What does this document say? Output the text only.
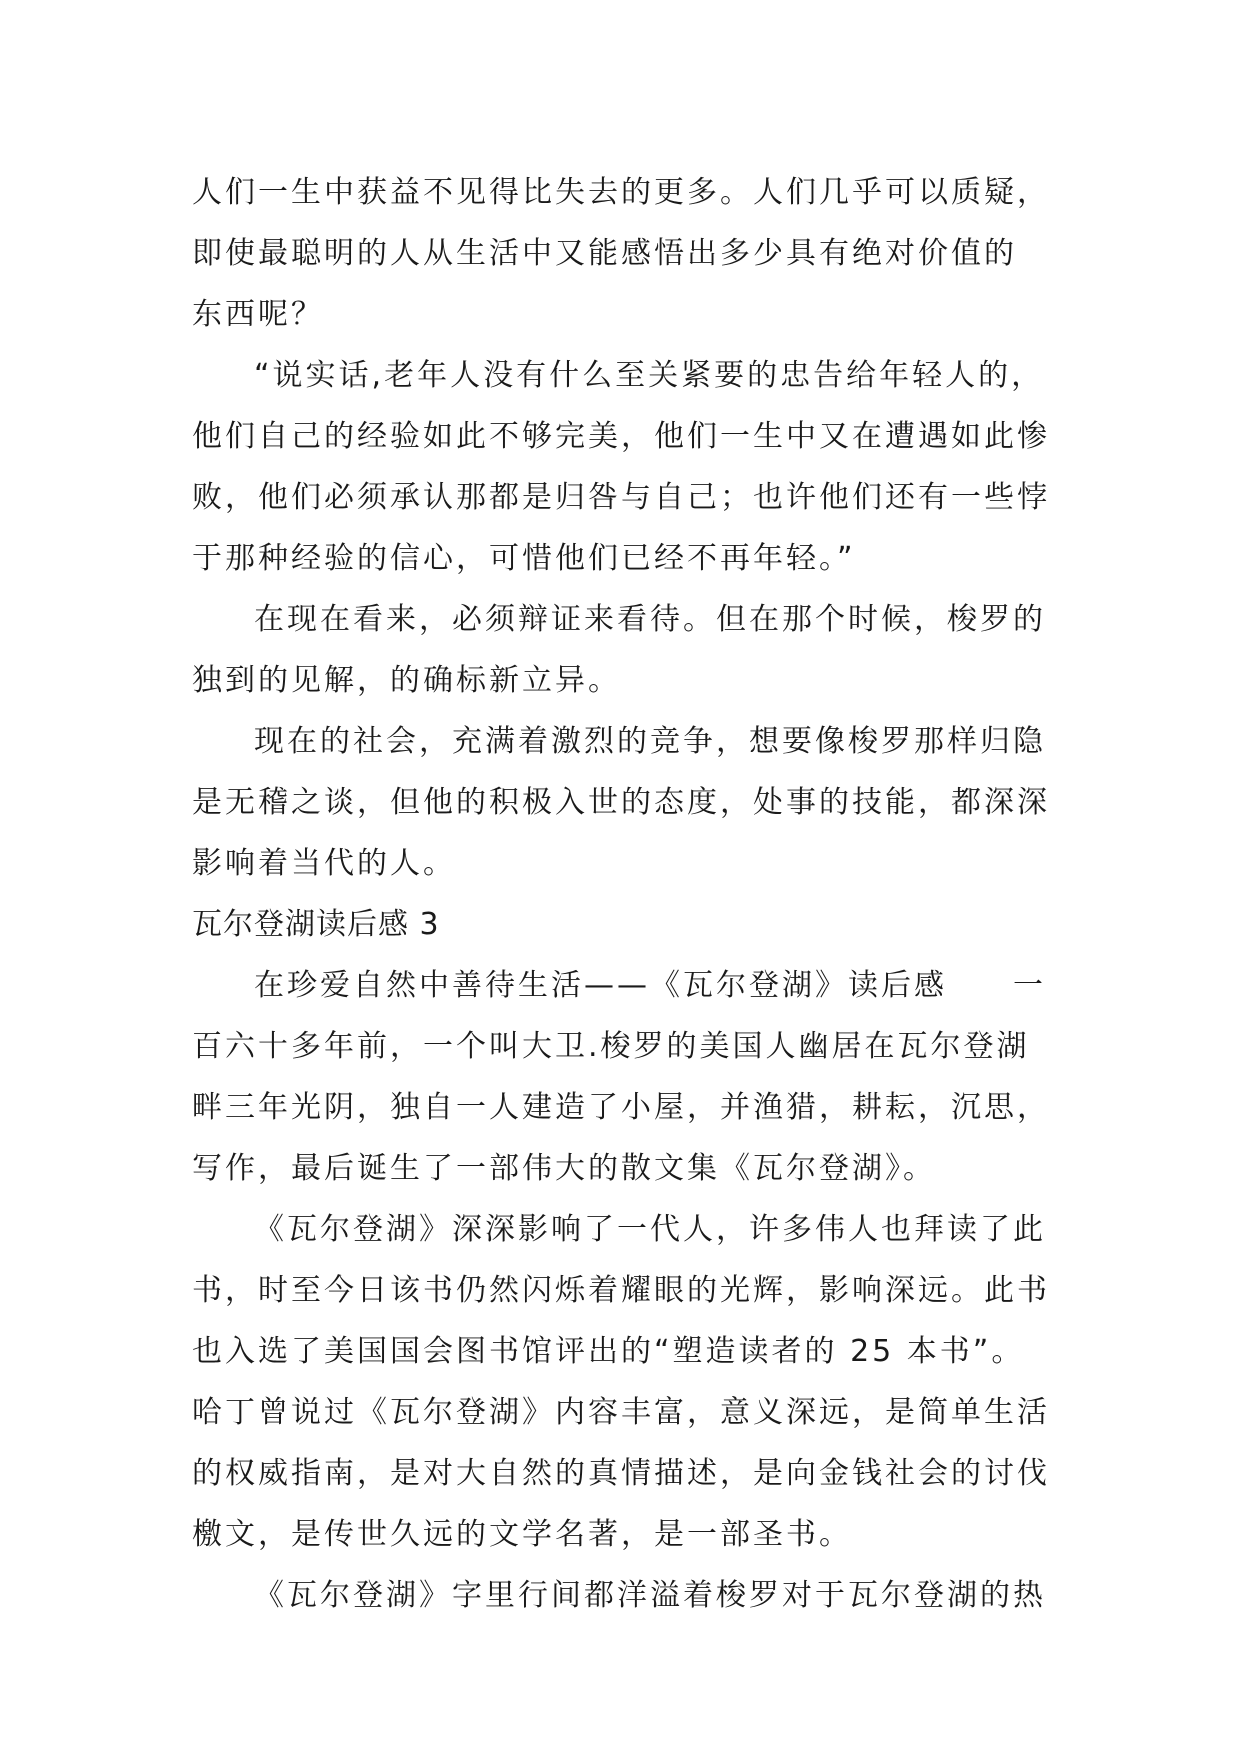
人们一生中获益不见得比失去的更多。人们几乎可以质疑，
即使最聪明的人从生活中又能感悟出多少具有绝对价值的
东西呢？
“说实话,老年人没有什么至关紧要的忠告给年轻人的，
他们自己的经验如此不够完美，他们一生中又在遭遇如此惨
败，他们必须承认那都是归咎与自己；也许他们还有一些悖
于那种经验的信心，可惜他们已经不再年轻。”
在现在看来，必须辩证来看待。但在那个时候，梭罗的
独到的见解，的确标新立异。
现在的社会，充满着激烈的竞争，想要像梭罗那样归隐
是无稽之谈，但他的积极入世的态度，处事的技能，都深深
影响着当代的人。
瓦尔登湖读后感 3
在珍爱自然中善待生活——《瓦尔登湖》读后感　　一
百六十多年前，一个叫大卫.梭罗的美国人幽居在瓦尔登湖
畔三年光阴，独自一人建造了小屋，并渔猎，耕耘，沉思，
写作，最后诞生了一部伟大的散文集《瓦尔登湖》。
《瓦尔登湖》深深影响了一代人，许多伟人也拜读了此
书，时至今日该书仍然闪烁着耀眼的光辉，影响深远。此书
也入选了美国国会图书馆评出的“塑造读者的 25 本书”。
哈丁曾说过《瓦尔登湖》内容丰富，意义深远，是简单生活
的权威指南，是对大自然的真情描述，是向金钱社会的讨伐
檄文，是传世久远的文学名著，是一部圣书。
《瓦尔登湖》字里行间都洋溢着梭罗对于瓦尔登湖的热
